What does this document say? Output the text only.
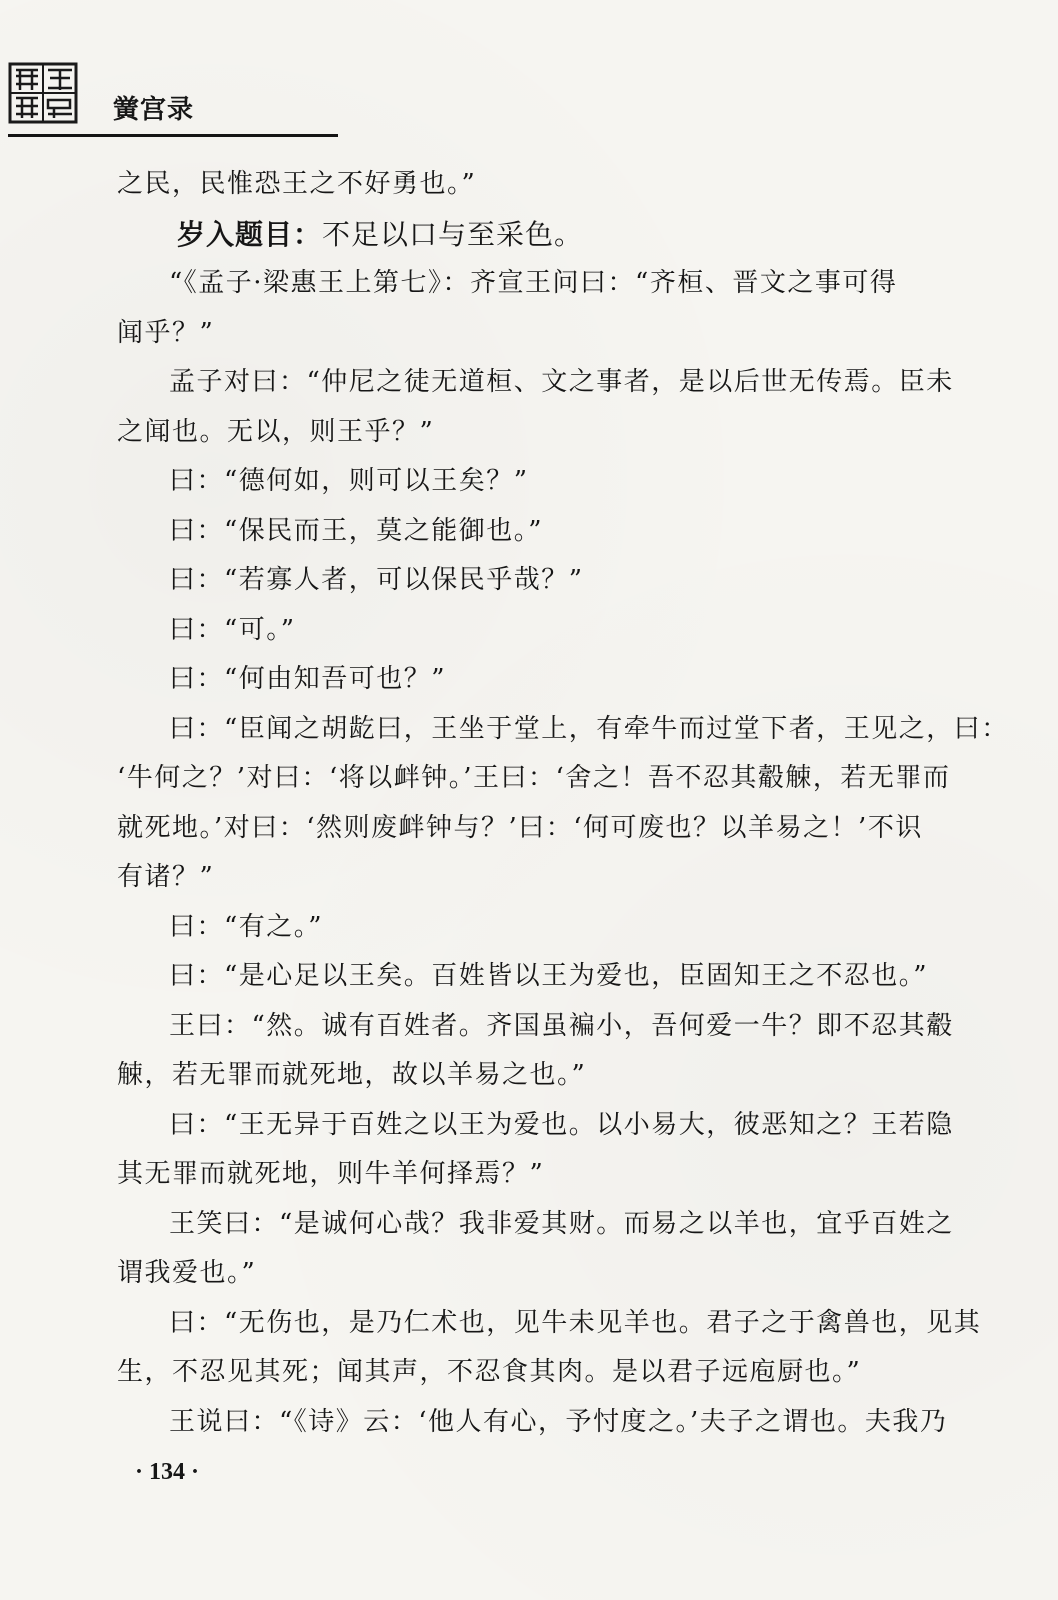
黉宫录
之民，民惟恐王之不好勇也。”
岁入题目：不足以口与至采色。
“《孟子·梁惠王上第七》：齐宣王问曰：“齐桓、晋文之事可得
闻乎？”
孟子对曰：“仲尼之徒无道桓、文之事者，是以后世无传焉。臣未
之闻也。无以，则王乎？”
曰：“德何如，则可以王矣？”
曰：“保民而王，莫之能御也。”
曰：“若寡人者，可以保民乎哉？”
曰：“可。”
曰：“何由知吾可也？”
曰：“臣闻之胡龁曰，王坐于堂上，有牵牛而过堂下者，王见之，曰：
‘牛何之？’对曰：‘将以衅钟。’王曰：‘舍之！吾不忍其觳觫，若无罪而
就死地。’对曰：‘然则废衅钟与？’曰：‘何可废也？以羊易之！’不识
有诸？”
曰：“有之。”
曰：“是心足以王矣。百姓皆以王为爱也，臣固知王之不忍也。”
王曰：“然。诚有百姓者。齐国虽褊小，吾何爱一牛？即不忍其觳
觫，若无罪而就死地，故以羊易之也。”
曰：“王无异于百姓之以王为爱也。以小易大，彼恶知之？王若隐
其无罪而就死地，则牛羊何择焉？”
王笑曰：“是诚何心哉？我非爱其财。而易之以羊也，宜乎百姓之
谓我爱也。”
曰：“无伤也，是乃仁术也，见牛未见羊也。君子之于禽兽也，见其
生，不忍见其死；闻其声，不忍食其肉。是以君子远庖厨也。”
王说曰：“《诗》云：‘他人有心，予忖度之。’夫子之谓也。夫我乃
· 134 ·
